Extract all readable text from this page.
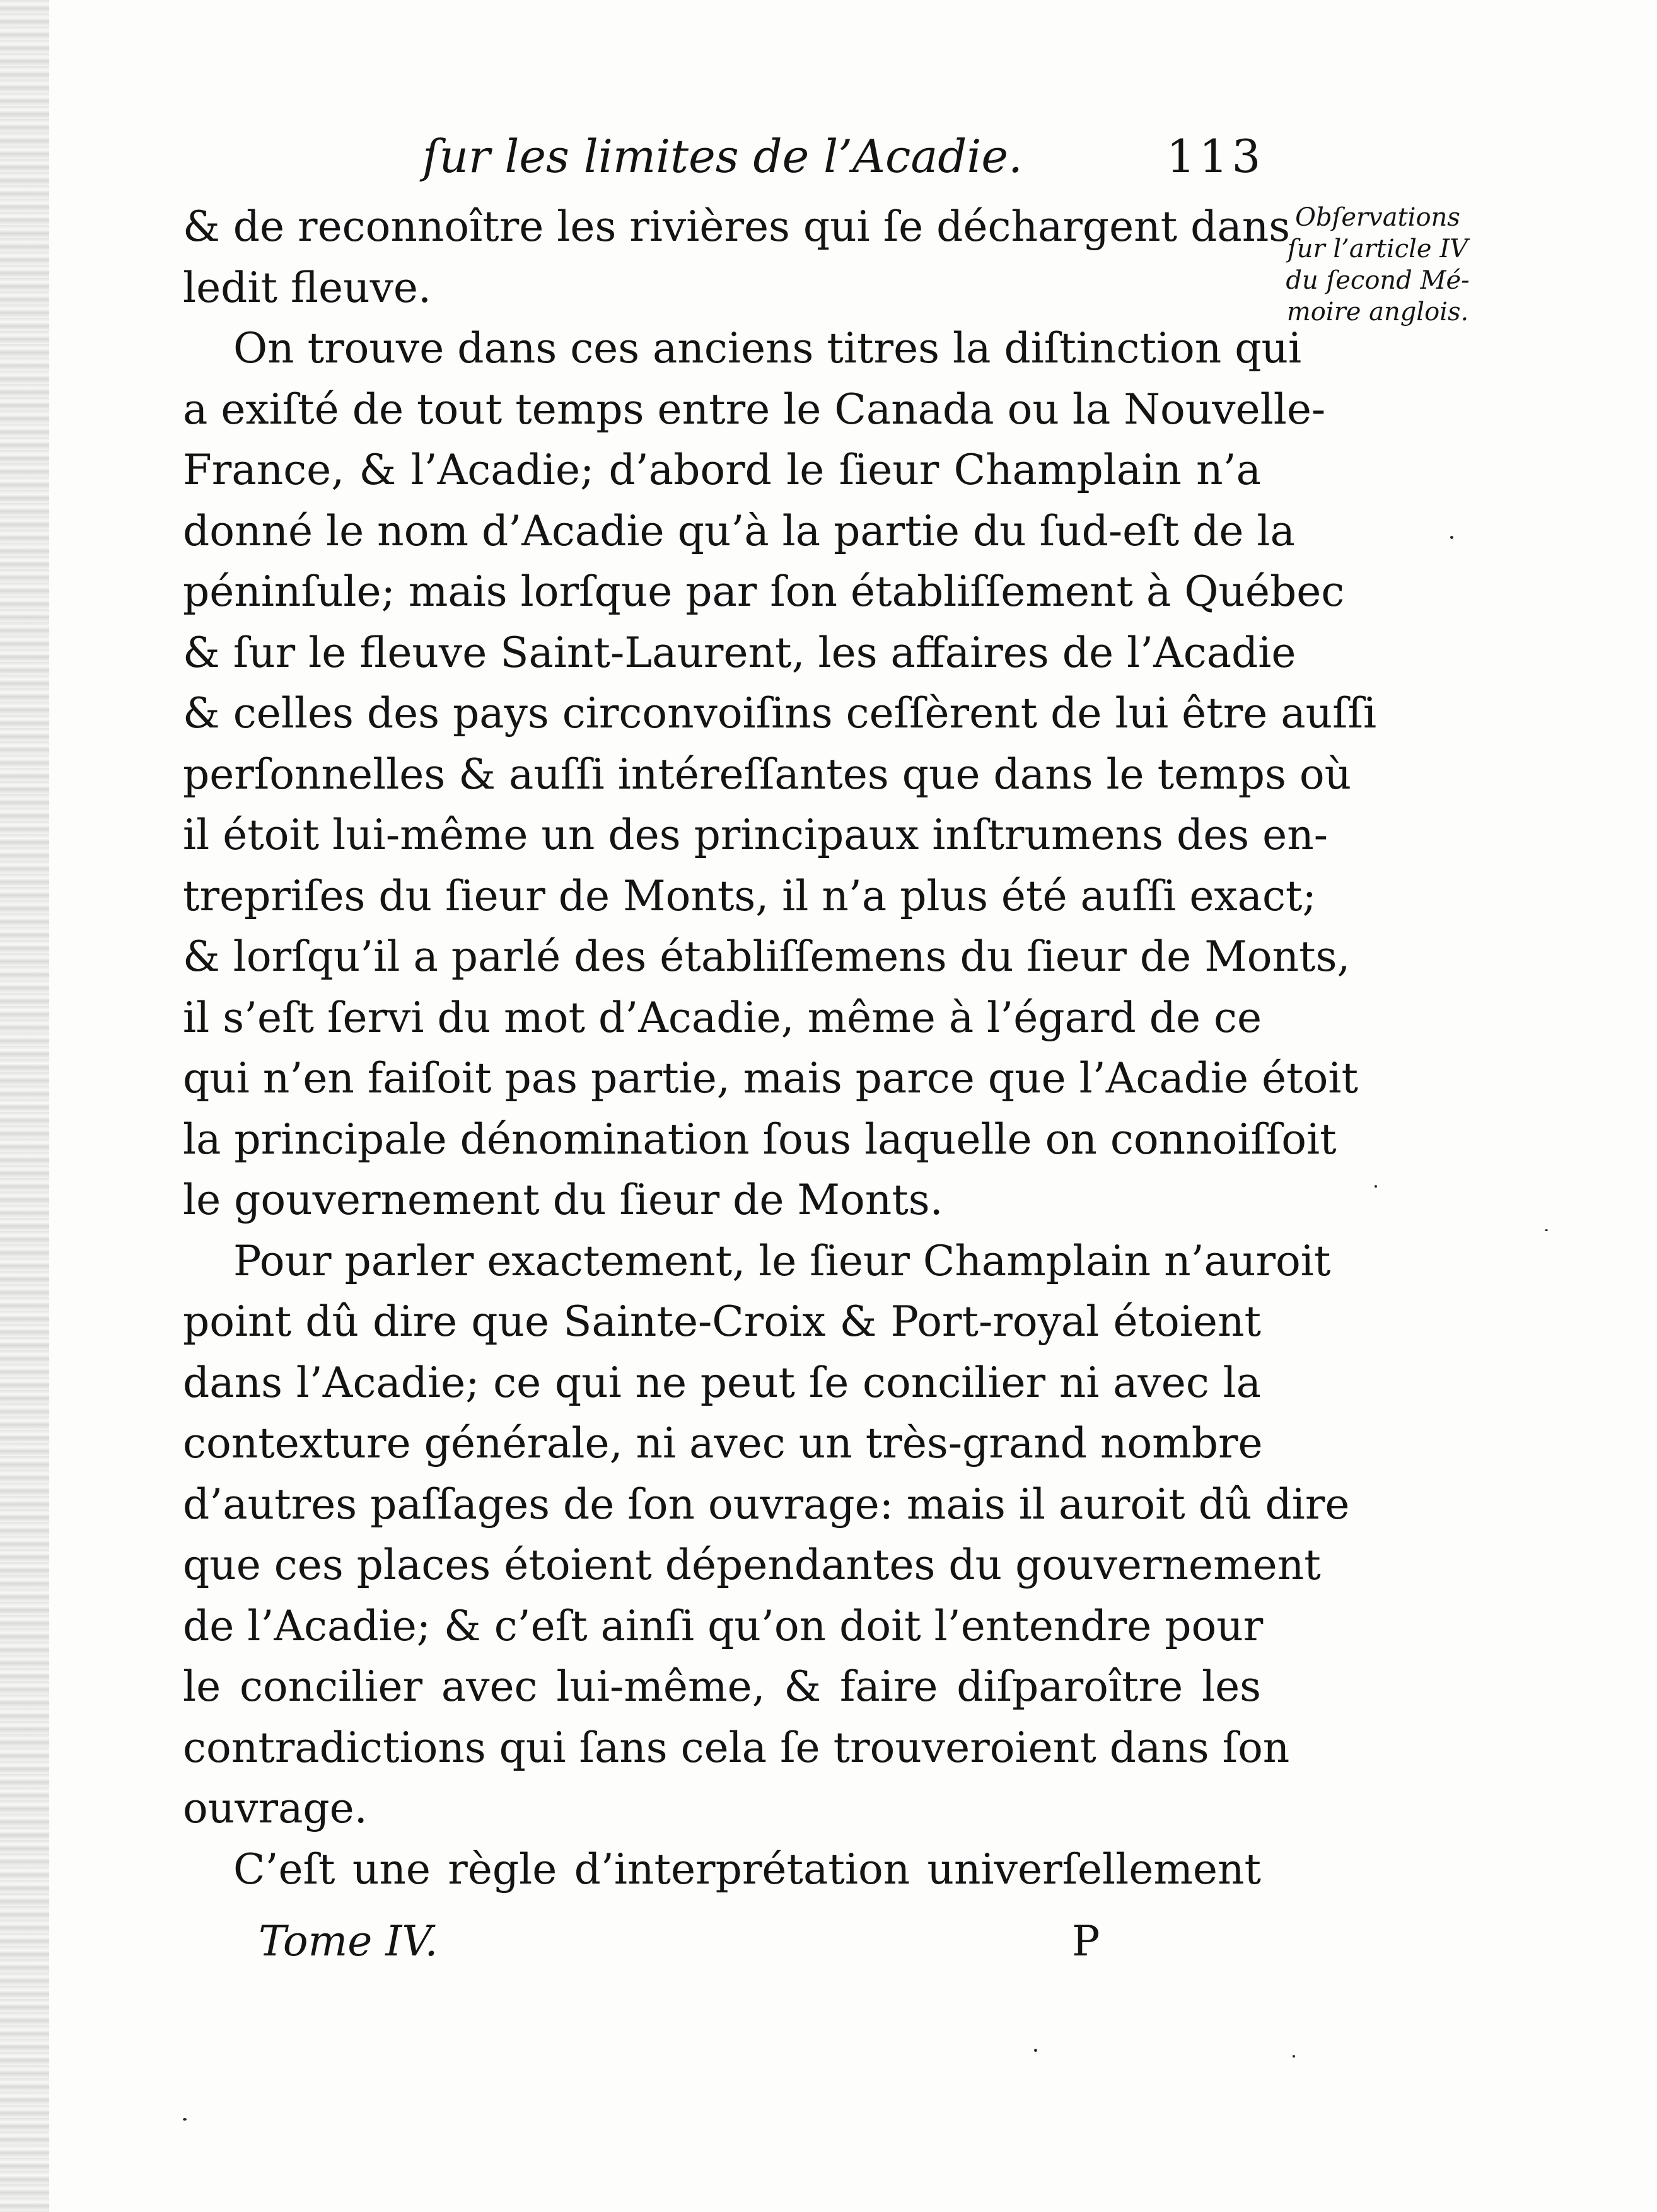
ſur les limites de l’Acadie.	113
Obſervations
ſur l’article IV
du ſecond Mé-
moire anglois.
& de reconnoître les rivières qui ſe déchargent dans
ledit fleuve.
On trouve dans ces anciens titres la diſtinction qui
a exiſté de tout temps entre le Canada ou la Nouvelle-
France, & l’Acadie; d’abord le ſieur Champlain n’a
donné le nom d’Acadie qu’à la partie du ſud-eſt de la
péninſule; mais lorſque par ſon établiſſement à Québec
& ſur le fleuve Saint-Laurent, les affaires de l’Acadie
& celles des pays circonvoiſins ceſſèrent de lui être auſſi
perſonnelles & auſſi intéreſſantes que dans le temps où
il étoit lui-même un des principaux inſtrumens des en-
trepriſes du ſieur de Monts, il n’a plus été auſſi exact;
& lorſqu’il a parlé des établiſſemens du ſieur de Monts,
il s’eſt ſervi du mot d’Acadie, même à l’égard de ce
qui n’en faiſoit pas partie, mais parce que l’Acadie étoit
la principale dénomination ſous laquelle on connoiſſoit
le gouvernement du ſieur de Monts.
Pour parler exactement, le ſieur Champlain n’auroit
point dû dire que Sainte-Croix & Port-royal étoient
dans l’Acadie; ce qui ne peut ſe concilier ni avec la
contexture générale, ni avec un très-grand nombre
d’autres paſſages de ſon ouvrage: mais il auroit dû dire
que ces places étoient dépendantes du gouvernement
de l’Acadie; & c’eſt ainſi qu’on doit l’entendre pour
le concilier avec lui-même, & faire diſparoître les
contradictions qui ſans cela ſe trouveroient dans ſon
ouvrage.
C’eſt une règle d’interprétation univerſellement
Tome IV.	P
